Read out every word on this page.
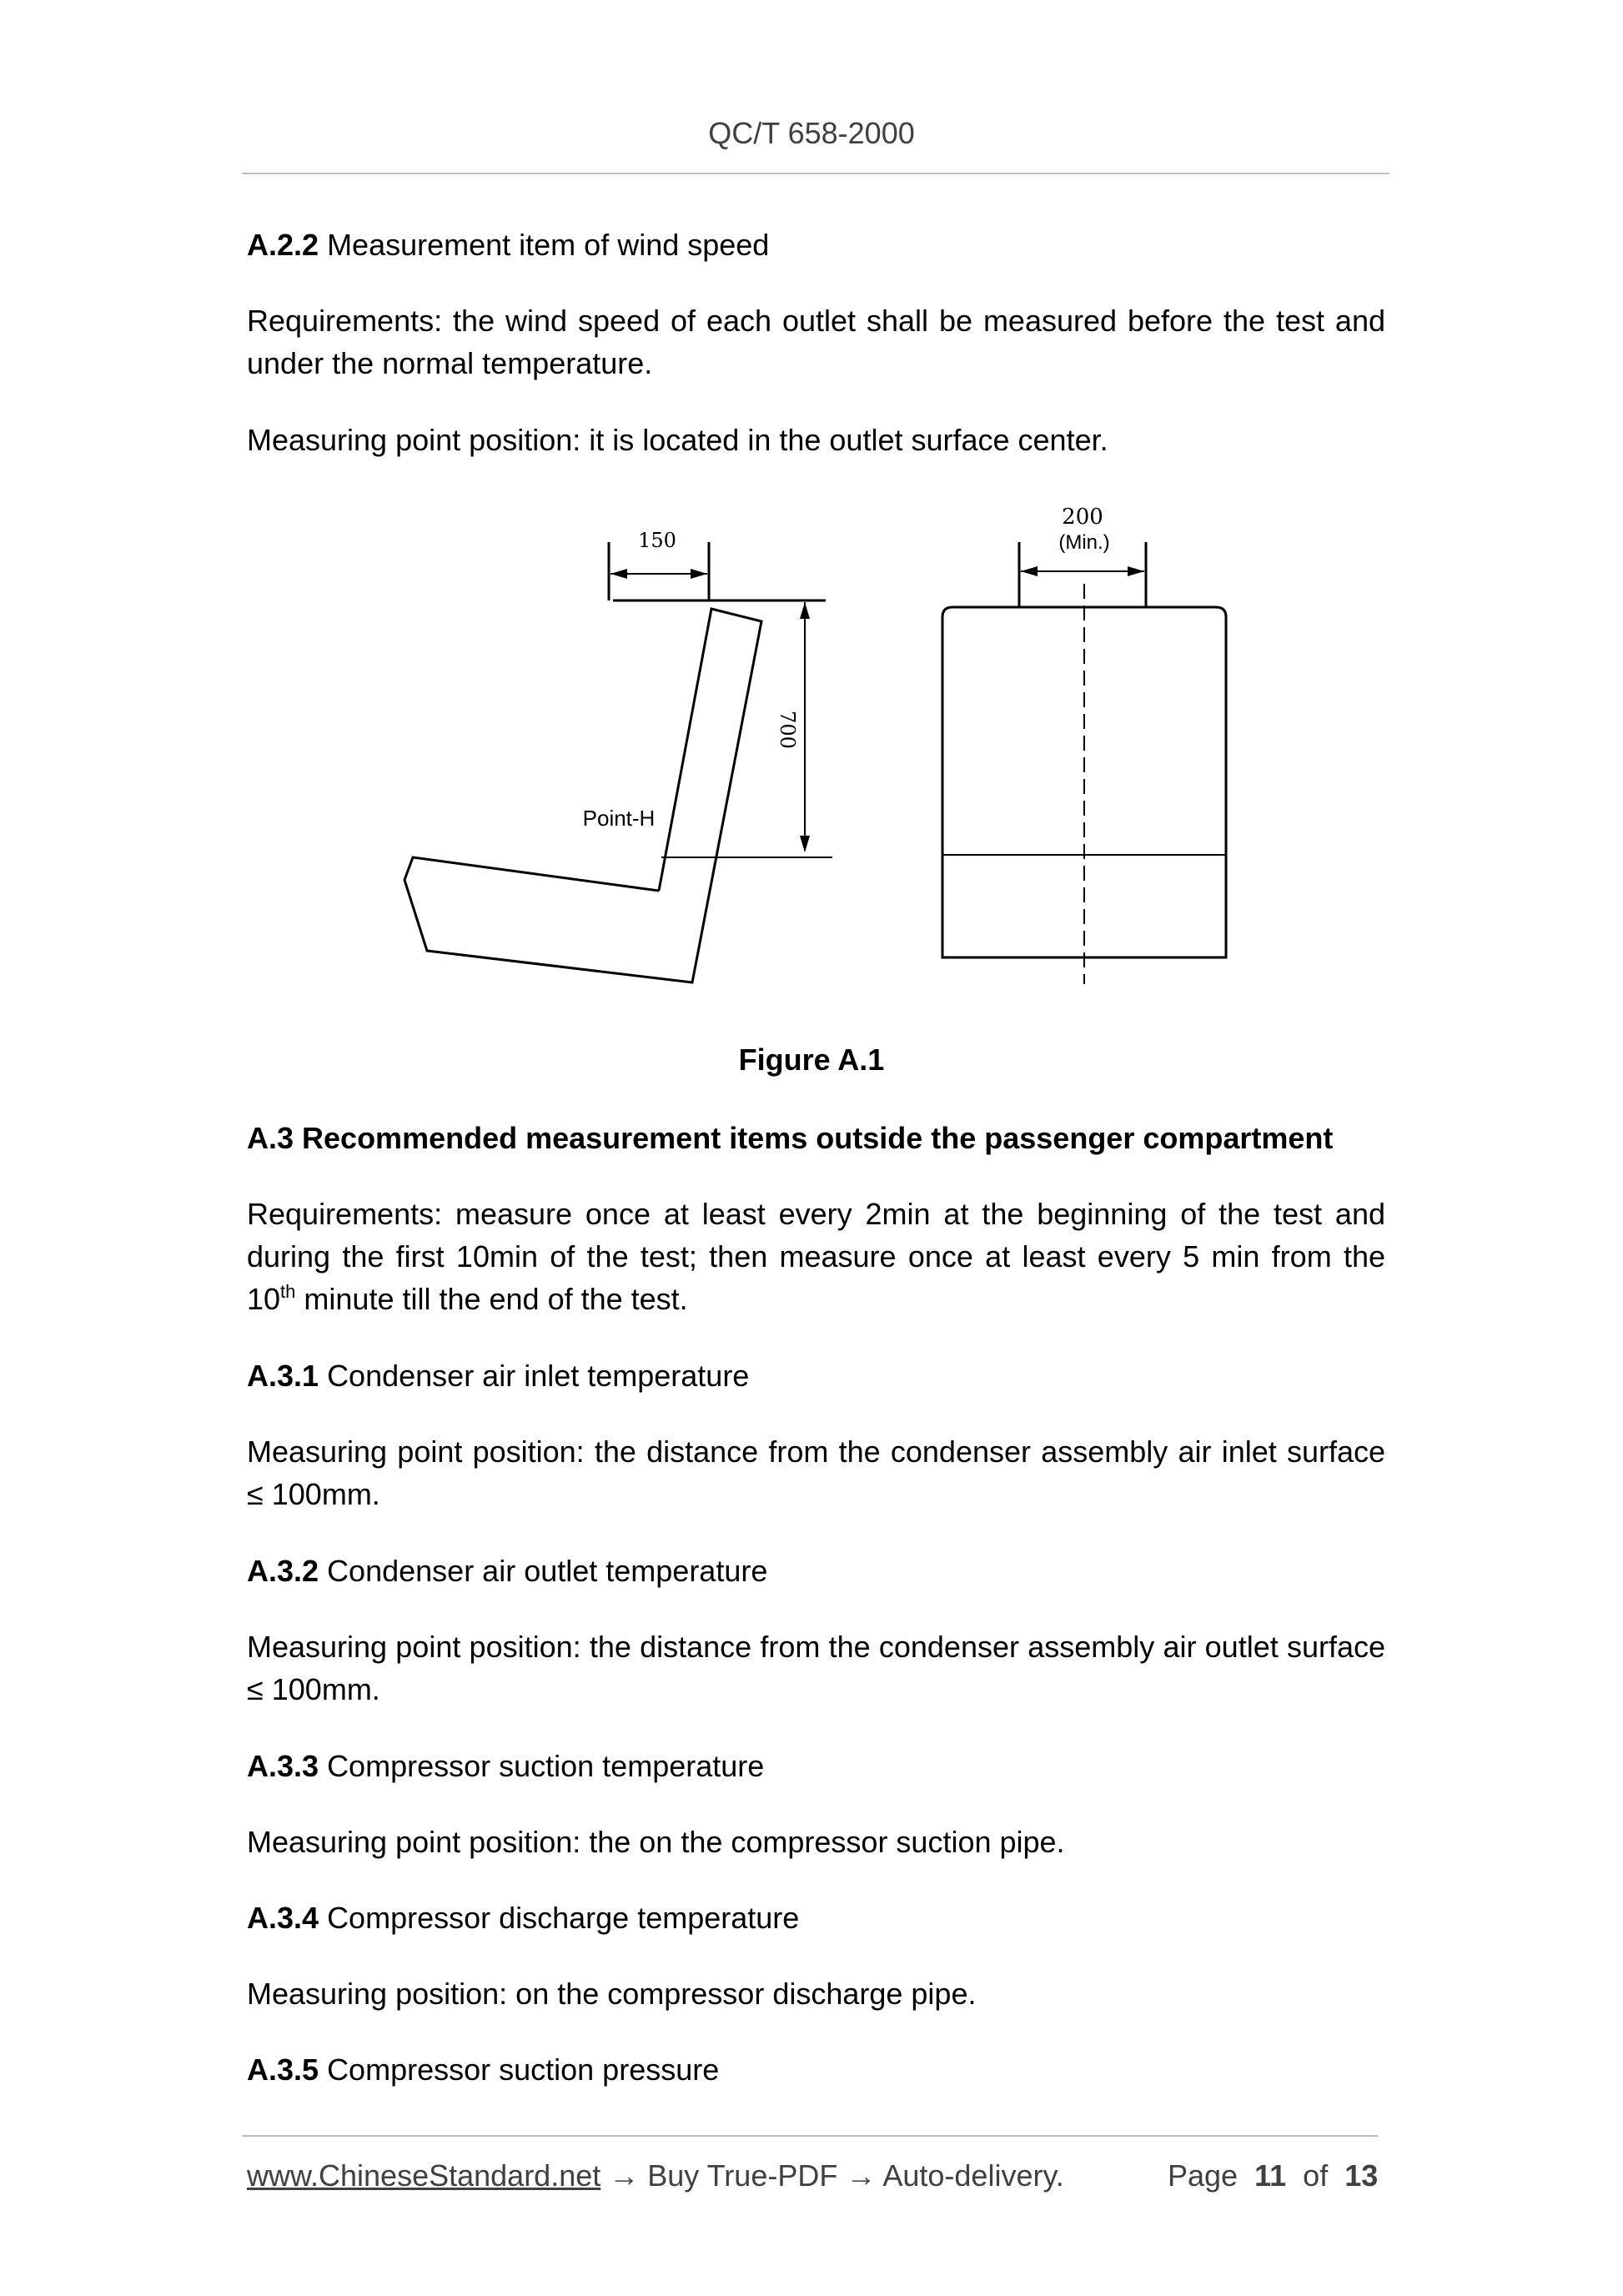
QC/T 658-2000

A.2.2 Measurement item of wind speed

Requirements: the wind speed of each outlet shall be measured before the test and under the normal temperature.

Measuring point position: it is located in the outlet surface center.

150
700
200
(Min.)
Point-H
Figure A.1

A.3 Recommended measurement items outside the passenger compartment

Requirements: measure once at least every 2min at the beginning of the test and during the first 10min of the test; then measure once at least every 5 min from the 10th minute till the end of the test.

A.3.1 Condenser air inlet temperature

Measuring point position: the distance from the condenser assembly air inlet surface ≤ 100mm.

A.3.2 Condenser air outlet temperature

Measuring point position: the distance from the condenser assembly air outlet surface ≤ 100mm.

A.3.3 Compressor suction temperature

Measuring point position: the on the compressor suction pipe.

A.3.4 Compressor discharge temperature

Measuring position: on the compressor discharge pipe.

A.3.5 Compressor suction pressure

www.ChineseStandard.net → Buy True-PDF → Auto-delivery.	Page 11 of 13
